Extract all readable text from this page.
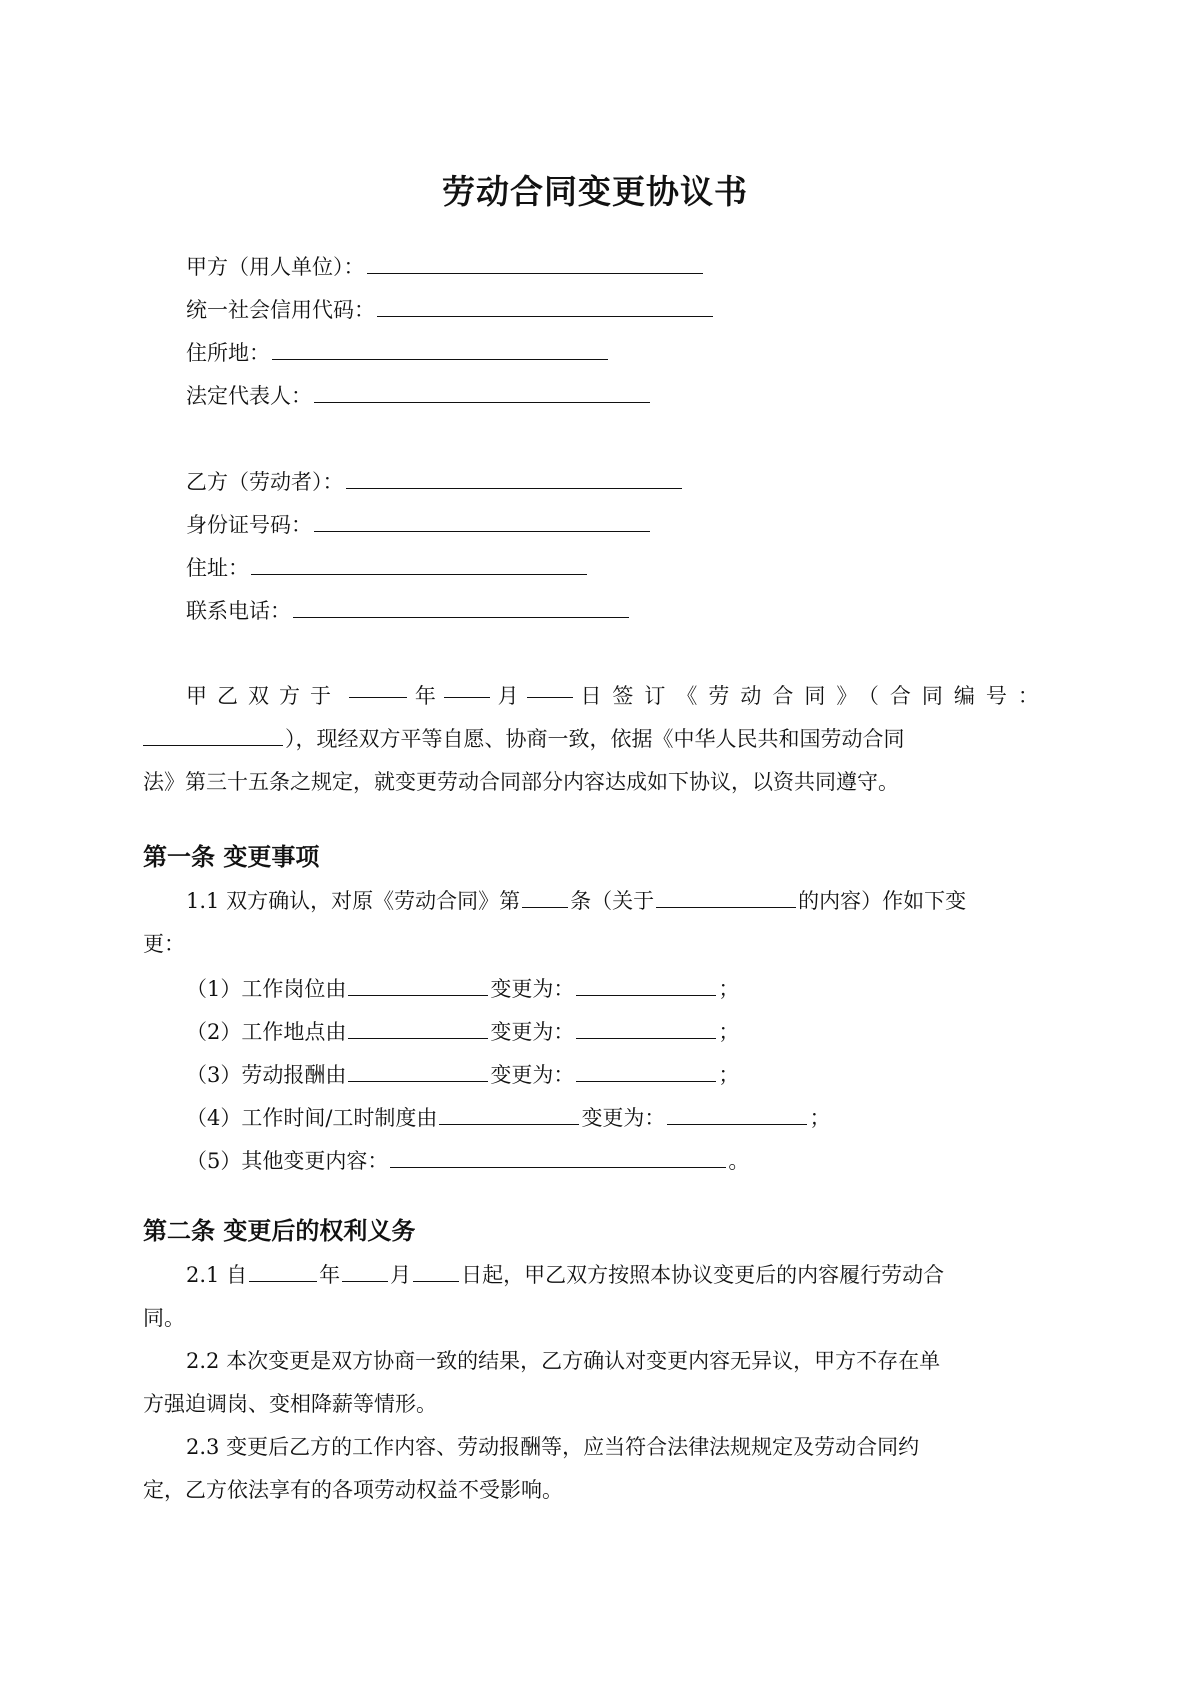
劳动合同变更协议书
甲方（用人单位）：
统一社会信用代码：
住所地：
法定代表人：
乙方（劳动者）：
身份证号码：
住址：
联系电话：
甲乙双方于	年	月	日签订《劳动合同》（合同编号：
），现经双方平等自愿、协商一致，依据《中华人民共和国劳动合同
法》第三十五条之规定，就变更劳动合同部分内容达成如下协议，以资共同遵守。
第一条 变更事项
1.1 双方确认，对原《劳动合同》第 条（关于	的内容）作如下变
更：
（1）工作岗位由	变更为：	；
（2）工作地点由	变更为：	；
（3）劳动报酬由	变更为：	；
（4）工作时间/工时制度由	变更为：	；
（5）其他变更内容：	。
第二条 变更后的权利义务
2.1 自	年 月 日起，甲乙双方按照本协议变更后的内容履行劳动合
同。
2.2 本次变更是双方协商一致的结果，乙方确认对变更内容无异议，甲方不存在单
方强迫调岗、变相降薪等情形。
2.3 变更后乙方的工作内容、劳动报酬等，应当符合法律法规规定及劳动合同约
定，乙方依法享有的各项劳动权益不受影响。
